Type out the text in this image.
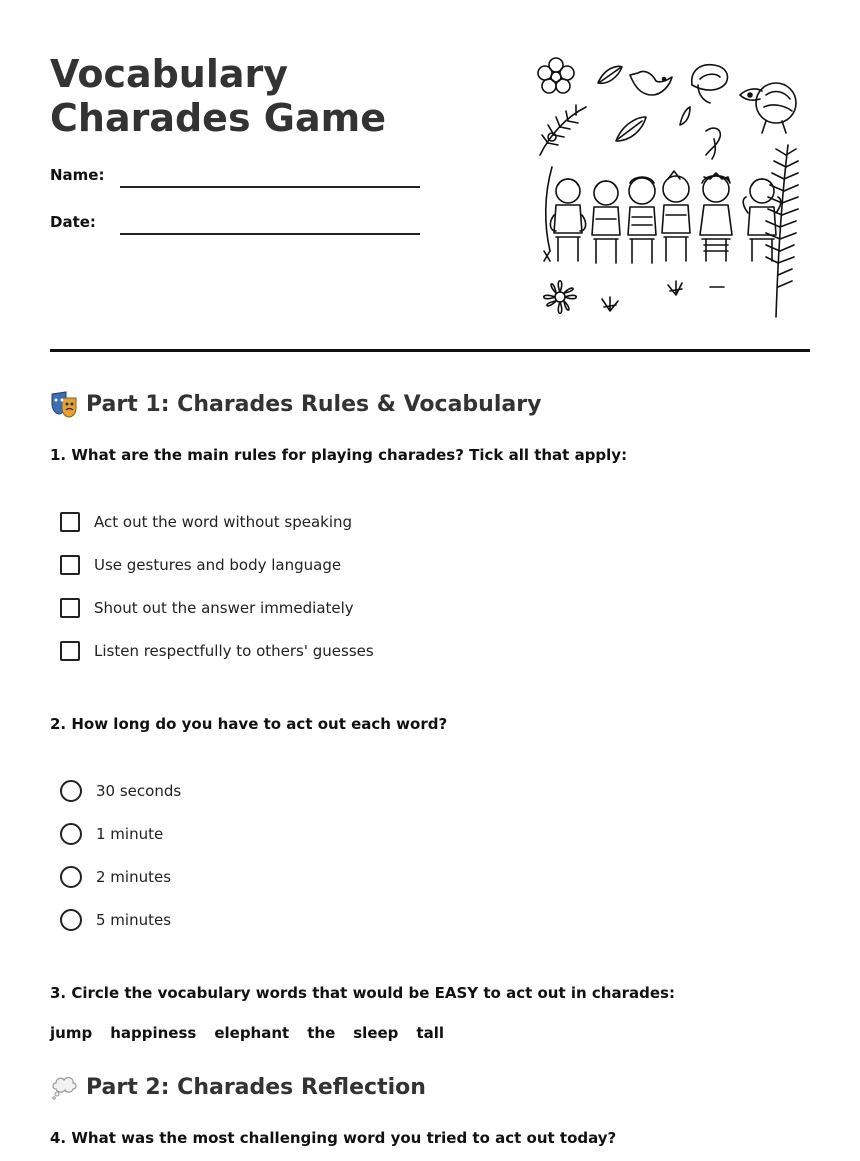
Vocabulary Charades Game
Name:
Date:
Part 1: Charades Rules & Vocabulary

1. What are the main rules for playing charades? Tick all that apply:

Act out the word without speaking
Use gestures and body language
Shout out the answer immediately
Listen respectfully to others' guesses

2. How long do you have to act out each word?

30 seconds
1 minute
2 minutes
5 minutes

3. Circle the vocabulary words that would be EASY to act out in charades:

jump happiness elephant the sleep tall
Part 2: Charades Reflection

4. What was the most challenging word you tried to act out today?
